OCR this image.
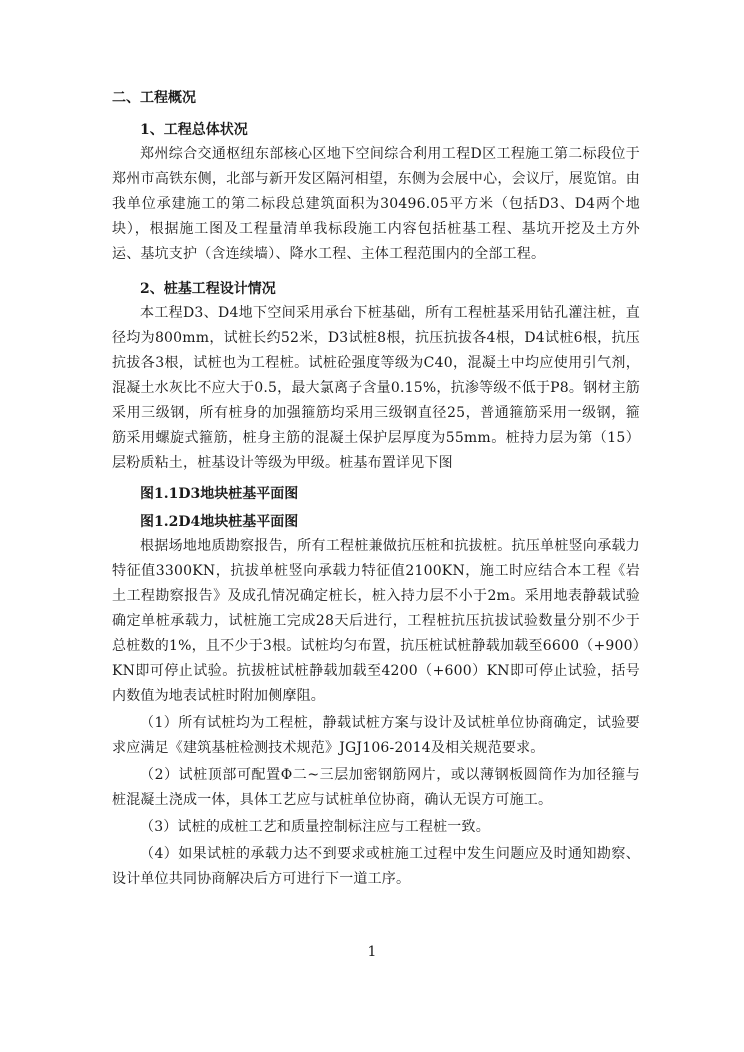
二、工程概况
1、工程总体状况

郑州综合交通枢纽东部核心区地下空间综合利用工程D区工程施工第二标段位于郑州市高铁东侧，北部与新开发区隔河相望，东侧为会展中心，会议厅，展览馆。由我单位承建施工的第二标段总建筑面积为30496.05平方米（包括D3、D4两个地块），根据施工图及工程量清单我标段施工内容包括桩基工程、基坑开挖及土方外运、基坑支护（含连续墙）、降水工程、主体工程范围内的全部工程。

2、桩基工程设计情况

本工程D3、D4地下空间采用承台下桩基础，所有工程桩基采用钻孔灌注桩，直径均为800mm，试桩长约52米，D3试桩8根，抗压抗拔各4根，D4试桩6根，抗压抗拔各3根，试桩也为工程桩。试桩砼强度等级为C40，混凝土中均应使用引气剂，混凝土水灰比不应大于0.5，最大氯离子含量0.15%，抗渗等级不低于P8。钢材主筋采用三级钢，所有桩身的加强箍筋均采用三级钢直径25，普通箍筋采用一级钢，箍筋采用螺旋式箍筋，桩身主筋的混凝土保护层厚度为55mm。桩持力层为第（15）层粉质粘土，桩基设计等级为甲级。桩基布置详见下图

图1.1D3地块桩基平面图
图1.2D4地块桩基平面图

根据场地地质勘察报告，所有工程桩兼做抗压桩和抗拔桩。抗压单桩竖向承载力特征值3300KN，抗拔单桩竖向承载力特征值2100KN，施工时应结合本工程《岩土工程勘察报告》及成孔情况确定桩长，桩入持力层不小于2m。采用地表静载试验确定单桩承载力，试桩施工完成28天后进行，工程桩抗压抗拔试验数量分别不少于总桩数的1%，且不少于3根。试桩均匀布置，抗压桩试桩静载加载至6600（+900）KN即可停止试验。抗拔桩试桩静载加载至4200（+600）KN即可停止试验，括号内数值为地表试桩时附加侧摩阻。

（1）所有试桩均为工程桩，静载试桩方案与设计及试桩单位协商确定，试验要求应满足《建筑基桩检测技术规范》JGJ106-2014及相关规范要求。

（2）试桩顶部可配置Φ二~三层加密钢筋网片，或以薄钢板圆筒作为加径箍与桩混凝土浇成一体，具体工艺应与试桩单位协商，确认无误方可施工。

（3）试桩的成桩工艺和质量控制标注应与工程桩一致。

（4）如果试桩的承载力达不到要求或桩施工过程中发生问题应及时通知勘察、设计单位共同协商解决后方可进行下一道工序。

1
